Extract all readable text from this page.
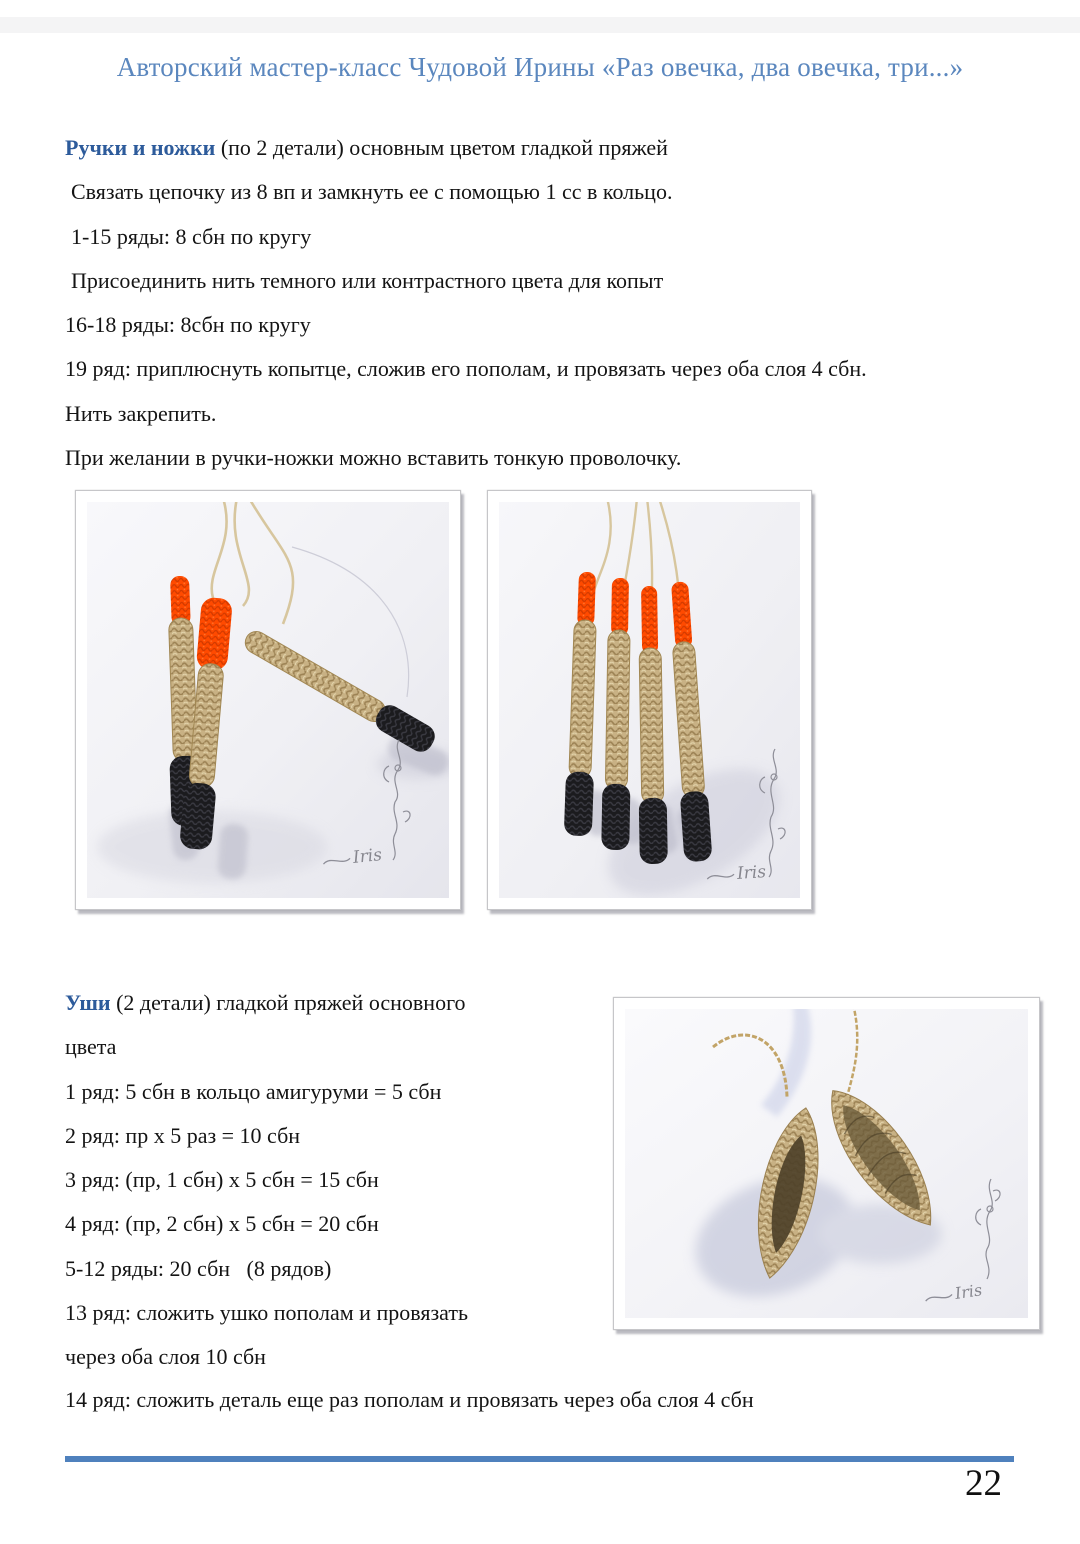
Авторский мастер-класс Чудовой Ирины «Раз овечка, два овечка, три...»

Ручки и ножки (по 2 детали) основным цветом гладкой пряжей

Связать цепочку из 8 вп и замкнуть ее с помощью 1 сс в кольцо.

1-15 ряды: 8 сбн по кругу

Присоединить нить темного или контрастного цвета для копыт

16-18 ряды: 8сбн по кругу

19 ряд: приплюснуть копытце, сложив его пополам, и провязать через оба слоя 4 сбн.

Нить закрепить.

При желании в ручки-ножки можно вставить тонкую проволочку.

Iris
Iris

Уши (2 детали) гладкой пряжей основного

цвета

1 ряд: 5 сбн в кольцо амигуруми = 5 сбн

2 ряд: пр х 5 раз = 10 сбн

3 ряд: (пр, 1 сбн) х 5 сбн = 15 сбн

4 ряд: (пр, 2 сбн) х 5 сбн = 20 сбн

5-12 ряды: 20 сбн   (8 рядов)

13 ряд: сложить ушко пополам и провязать

через оба слоя 10 сбн

14 ряд: сложить деталь еще раз пополам и провязать через оба слоя 4 сбн

Iris
22
